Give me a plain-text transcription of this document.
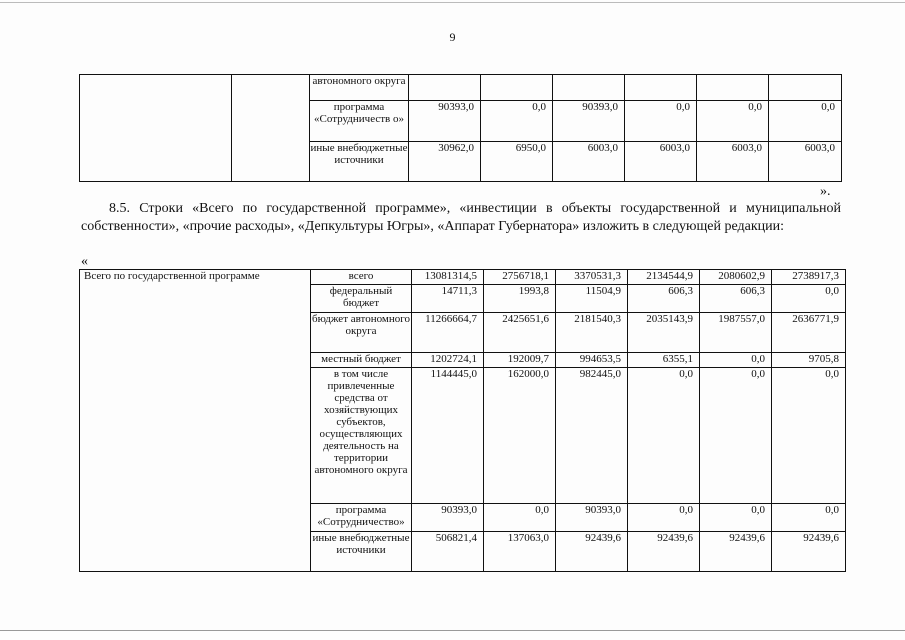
9
		автономного округа						
		программа «Сотрудничеств о»	90393,0	0,0	90393,0	0,0	0,0	0,0
		иные внебюджетные источники	30962,0	6950,0	6003,0	6003,0	6003,0	6003,0
».
8.5. Строки «Всего по государственной программе», «инвестиции в объекты государственной и муниципальной собственности», «прочие расходы», «Депкультуры Югры», «Аппарат Губернатора» изложить в следующей редакции:
«
Всего по государственной программе	всего	13081314,5	2756718,1	3370531,3	2134544,9	2080602,9	2738917,3
	федеральный бюджет	14711,3	1993,8	11504,9	606,3	606,3	0,0
	бюджет автономного округа	11266664,7	2425651,6	2181540,3	2035143,9	1987557,0	2636771,9
	местный бюджет	1202724,1	192009,7	994653,5	6355,1	0,0	9705,8
	в том числе привлеченные средства от хозяйствующих субъектов, осуществляющих деятельность на территории автономного округа	1144445,0	162000,0	982445,0	0,0	0,0	0,0
	программа «Сотрудничество»	90393,0	0,0	90393,0	0,0	0,0	0,0
	иные внебюджетные источники	506821,4	137063,0	92439,6	92439,6	92439,6	92439,6
